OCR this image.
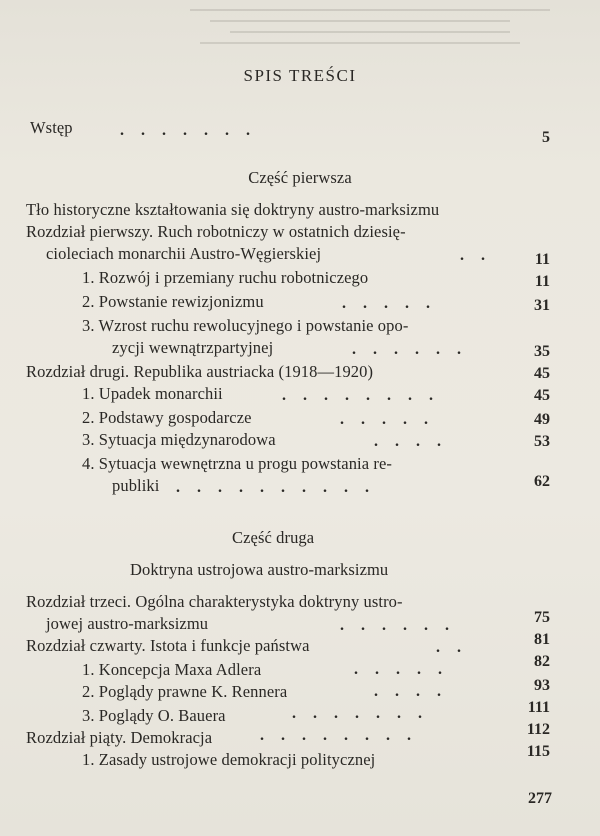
SPIS TREŚCI
Wstęp	.......	5
Część pierwsza
Tło historyczne kształtowania się doktryny austro-marksizmu
Rozdział pierwszy. Ruch robotniczy w ostatnich dziesię-
cioleciach monarchii Austro-Węgierskiej	..	11
1. Rozwój i przemiany ruchu robotniczego	11
2. Powstanie rewizjonizmu	.....	31
3. Wzrost ruchu rewolucyjnego i powstanie opo-
zycji wewnątrzpartyjnej	......	35
Rozdział drugi. Republika austriacka (1918—1920)	45
1. Upadek monarchii	........	45
2. Podstawy gospodarcze	.....	49
3. Sytuacja międzynarodowa	....	53
4. Sytuacja wewnętrzna u progu powstania re-
publiki ..........	62
Część druga
Doktryna ustrojowa austro-marksizmu
Rozdział trzeci. Ogólna charakterystyka doktryny ustro-
jowej austro-marksizmu	......	75
Rozdział czwarty. Istota i funkcje państwa	..	81
1. Koncepcja Maxa Adlera	.....	82
2. Poglądy prawne K. Rennera	....	93
3. Poglądy O. Bauera	.......	111
Rozdział piąty. Demokracja	........	112
1. Zasady ustrojowe demokracji politycznej	115
277
